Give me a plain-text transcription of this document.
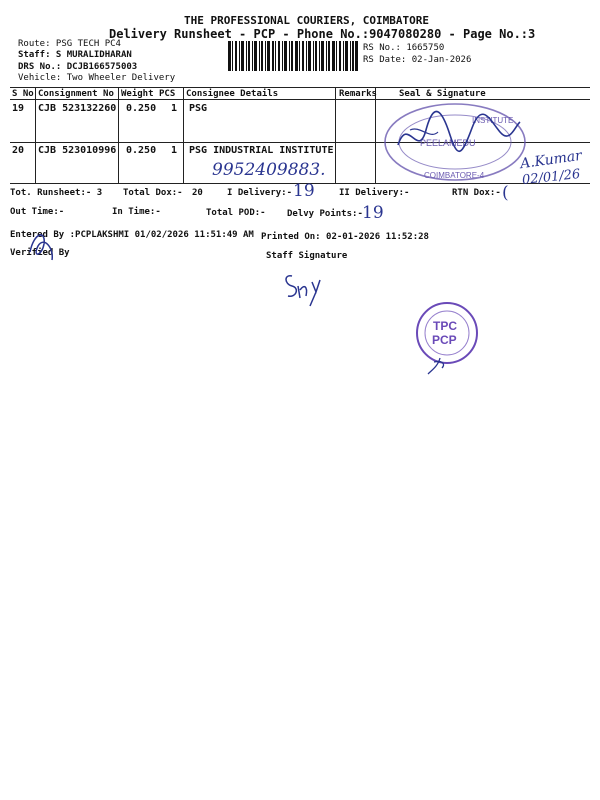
THE PROFESSIONAL COURIERS, COIMBATORE
Delivery Runsheet - PCP - Phone No.:9047080280 - Page No.:3
Route: PSG TECH PC4
Staff: S MURALIDHARAN
DRS No.: DCJB166575003
Vehicle: Two Wheeler Delivery
RS No.: 1665750
RS Date: 02-Jan-2026
S No Consignment No Weight PCS Consignee Details	Remarks Seal & Signature
19 CJB 523132260 0.250 1 PSG
20 CJB 523010996 0.250 1 PSG INDUSTRIAL INSTITUTE
9952409883.
INSTITUTE
PEELAMEDU
COIMBATORE-4
A.Kumar
02/01/26
Tot. Runsheet:- 3 Total Dox:- 20	I Delivery:- 19	II Delivery:-	RTN Dox:- (
Out Time:-	In Time:-	Total POD:- Delvy Points:- 19
Entered By :PCPLAKSHMI 01/02/2026 11:51:49 AM Printed On: 02-01-2026 11:52:28
Verified By	Staff Signature
TPC
PCP
